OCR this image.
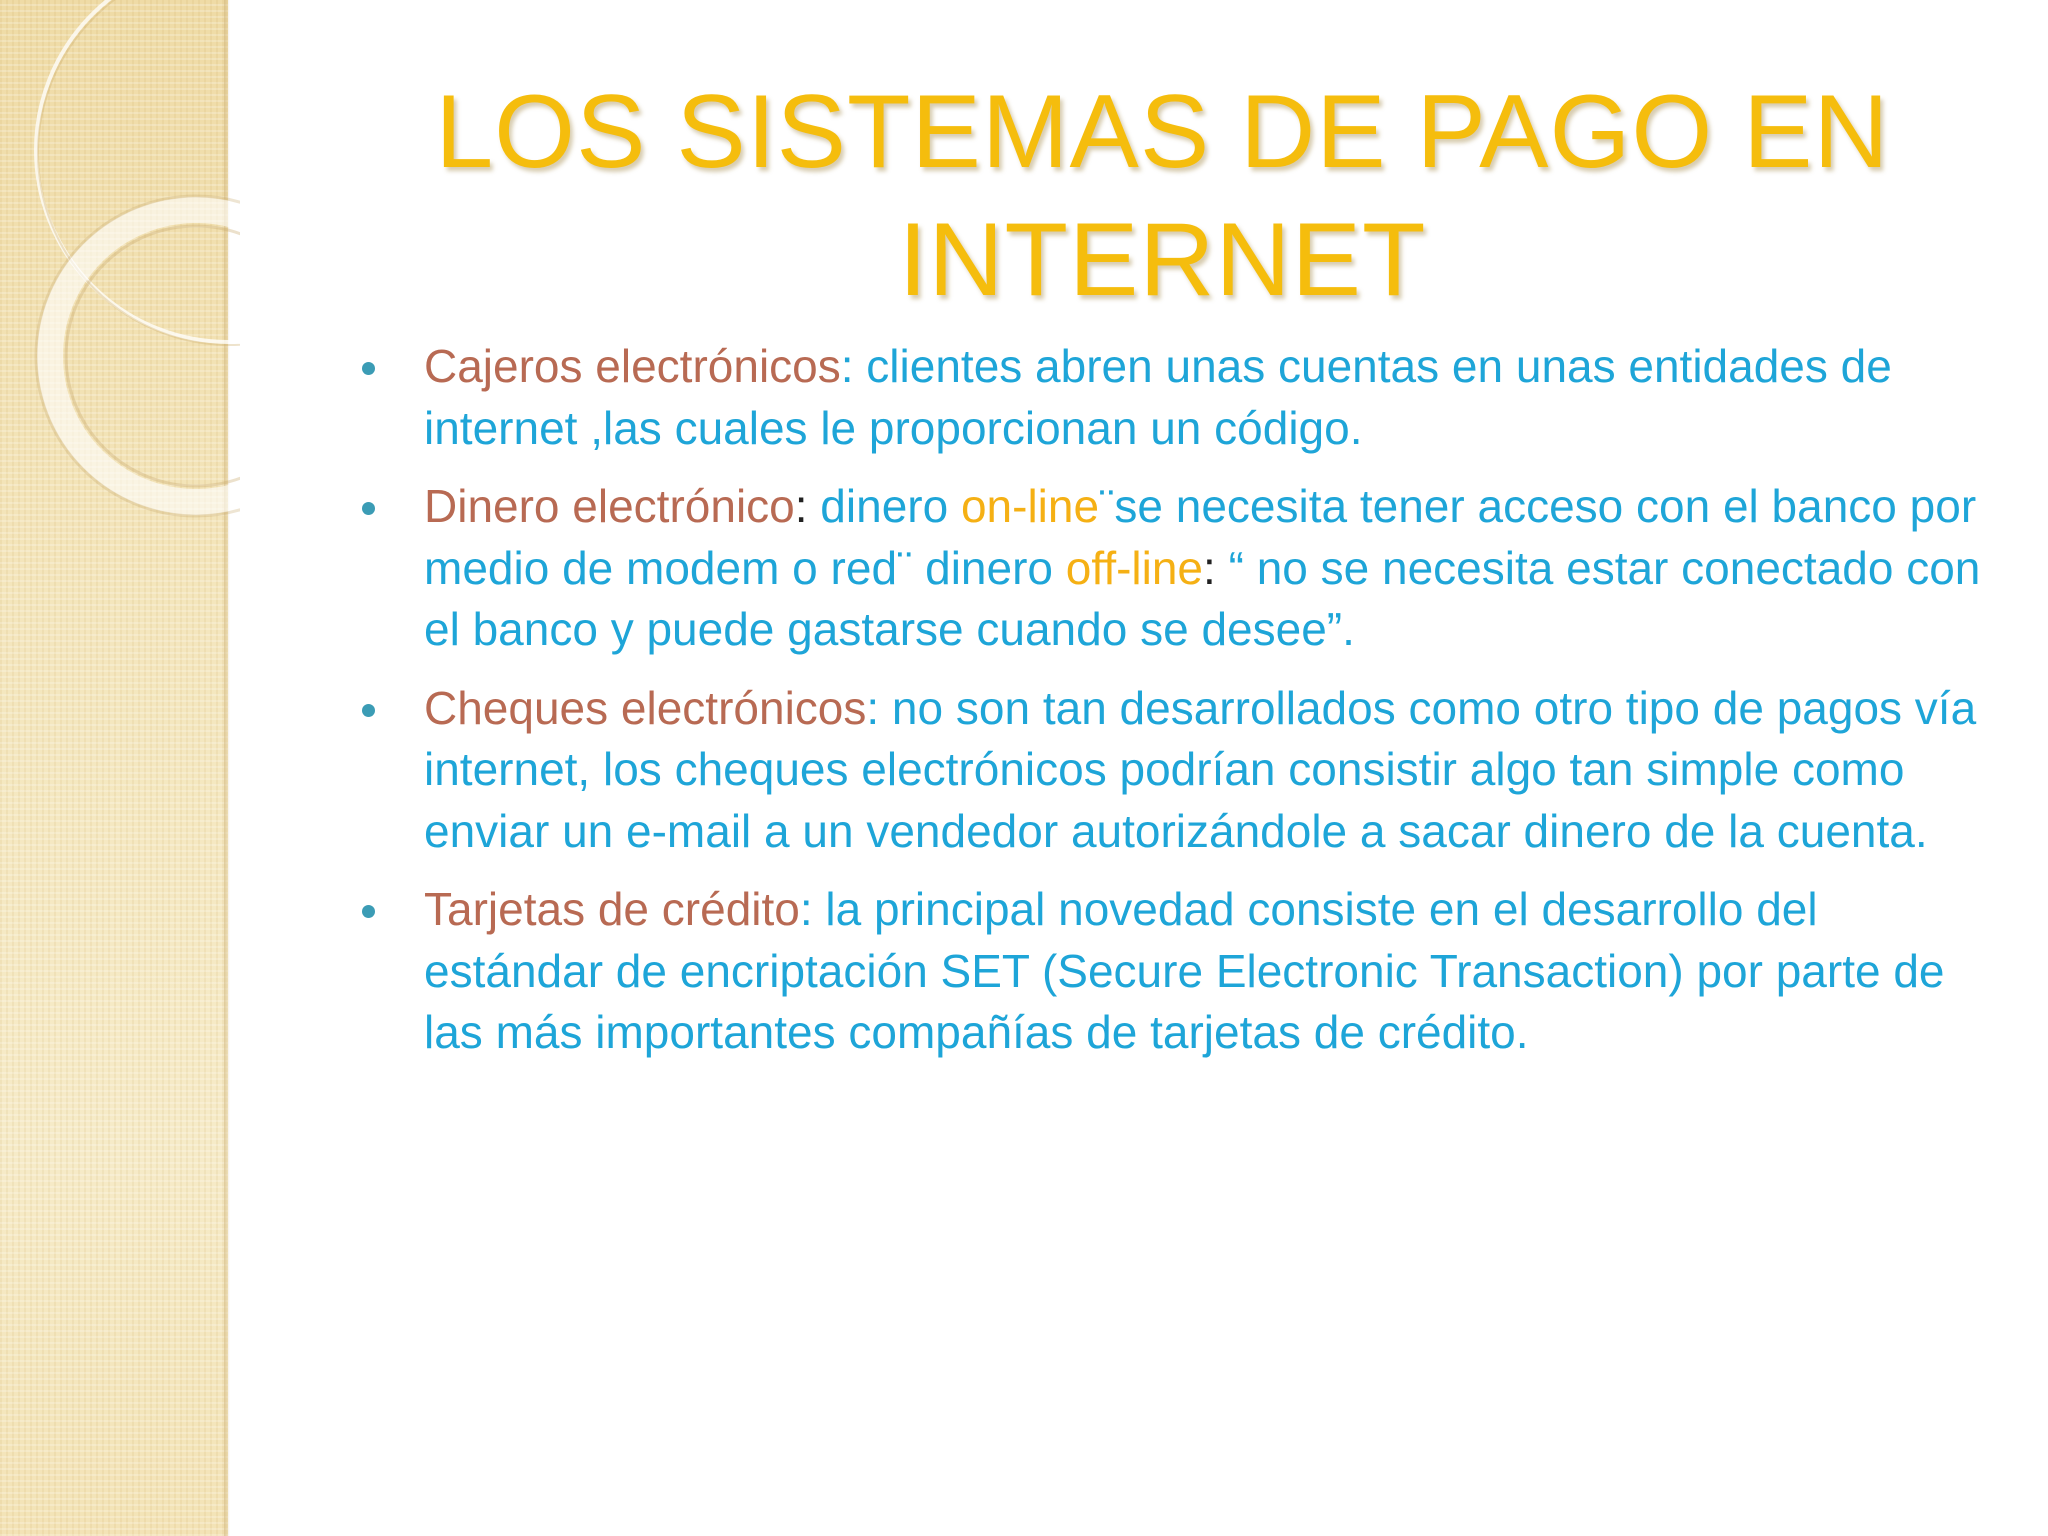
LOS SISTEMAS DE PAGO EN INTERNET
Cajeros electrónicos: clientes abren unas cuentas en unas entidades de internet ,las cuales le proporcionan un código.
Dinero electrónico: dinero on-line¨se necesita tener acceso con el banco por medio de modem o red¨ dinero off-line: “ no se necesita estar conectado con el banco y puede gastarse cuando se desee”.
Cheques electrónicos: no son tan desarrollados como otro tipo de pagos vía internet, los cheques electrónicos podrían consistir algo tan simple como enviar un e-mail a un vendedor autorizándole a sacar dinero de la cuenta.
Tarjetas de crédito: la principal novedad consiste en el desarrollo del estándar de encriptación SET (Secure Electronic Transaction) por parte de las más importantes compañías de tarjetas de crédito.
